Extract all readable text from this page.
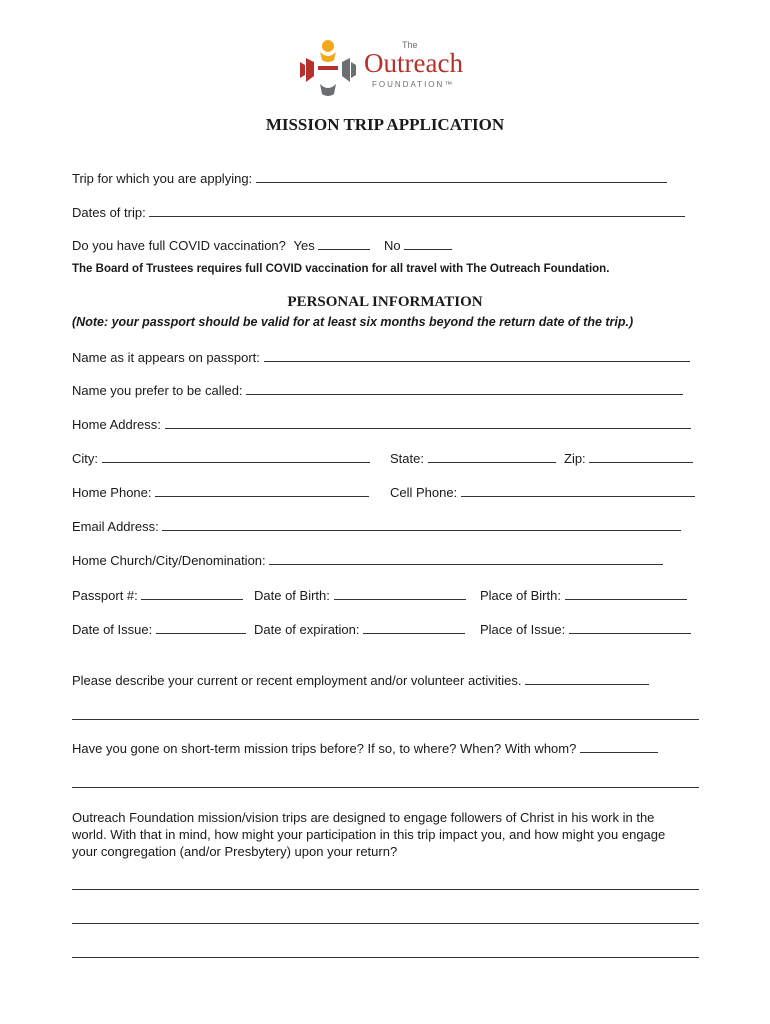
The
Outreach
FOUNDATION™
MISSION TRIP APPLICATION
Trip for which you are applying:
Dates of trip:
Do you have full COVID vaccination? Yes	No
The Board of Trustees requires full COVID vaccination for all travel with The Outreach Foundation.
PERSONAL INFORMATION
(Note: your passport should be valid for at least six months beyond the return date of the trip.)
Name as it appears on passport:
Name you prefer to be called:
Home Address:
City:	State:	Zip:
Home Phone:	Cell Phone:
Email Address:
Home Church/City/Denomination:
Passport #:	Date of Birth:	Place of Birth:
Date of Issue:	Date of expiration:	Place of Issue:
Please describe your current or recent employment and/or volunteer activities.
Have you gone on short-term mission trips before? If so, to where? When? With whom?
Outreach Foundation mission/vision trips are designed to engage followers of Christ in his work in the world. With that in mind, how might your participation in this trip impact you, and how might you engage your congregation (and/or Presbytery) upon your return?
